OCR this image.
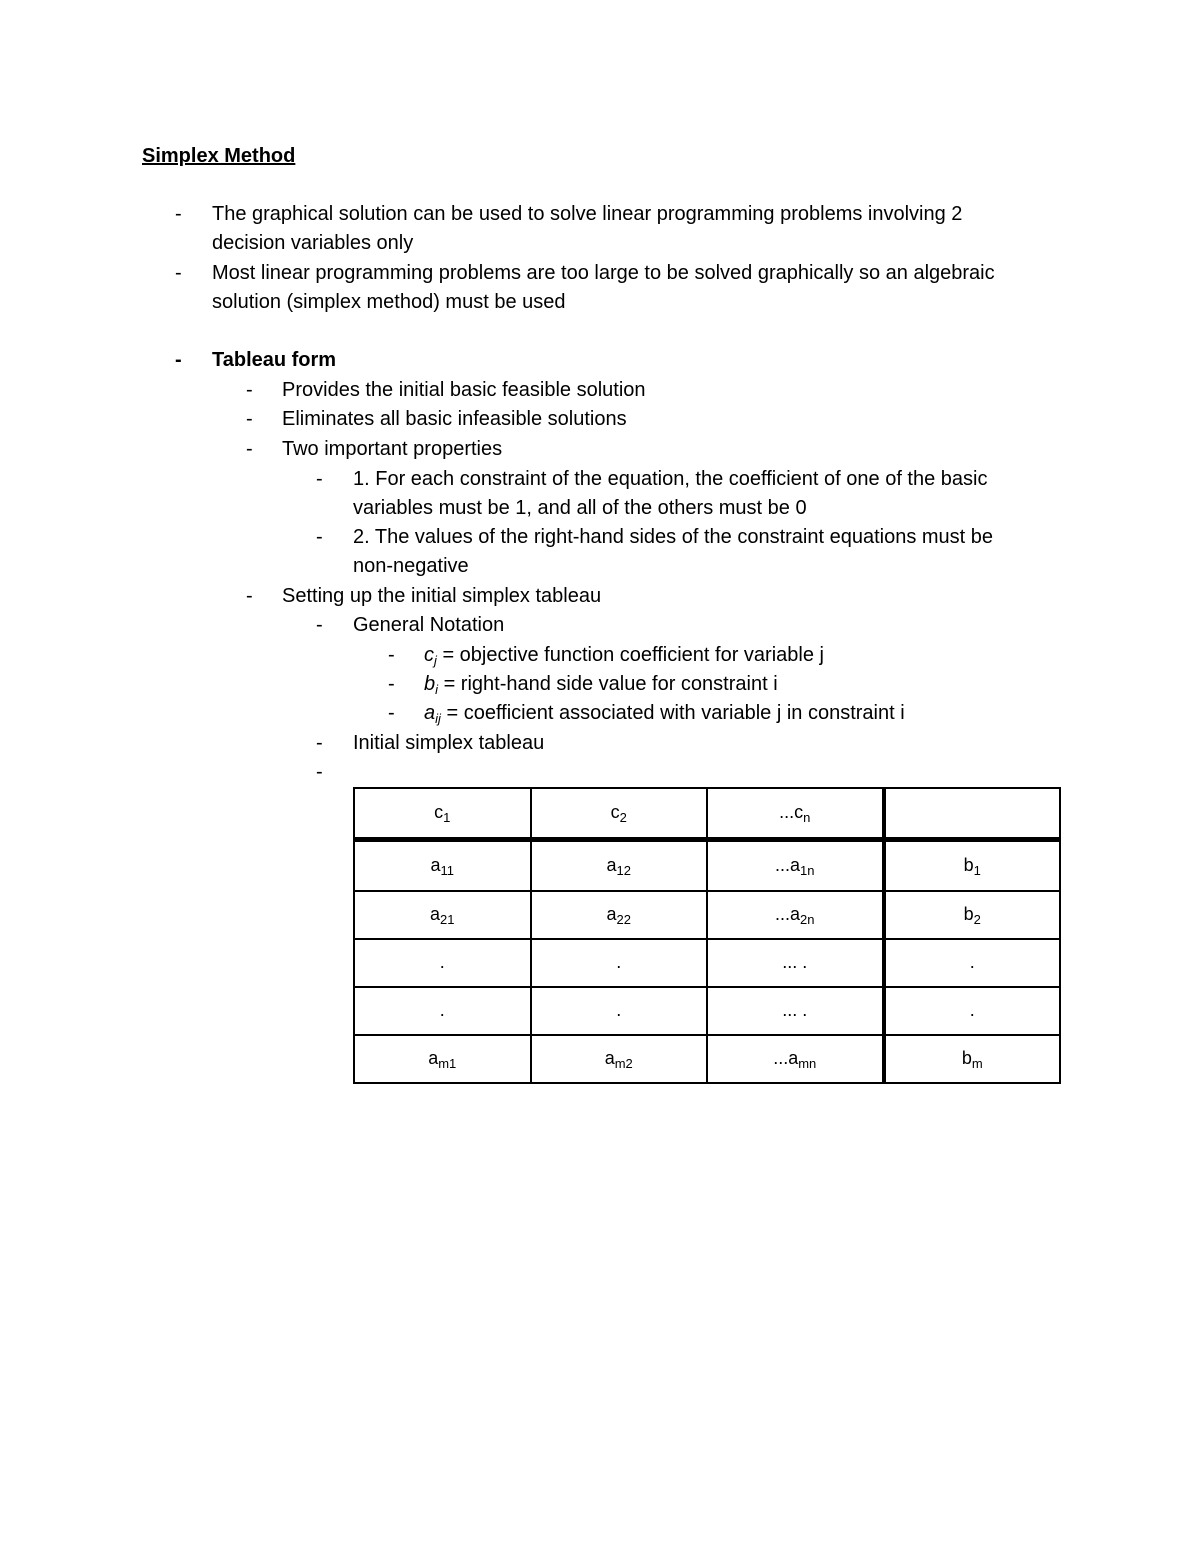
Simplex Method
- The graphical solution can be used to solve linear programming problems involving 2
decision variables only
- Most linear programming problems are too large to be solved graphically so an algebraic
solution (simplex method) must be used
- Tableau form
- Provides the initial basic feasible solution
- Eliminates all basic infeasible solutions
- Two important properties
- 1. For each constraint of the equation, the coefficient of one of the basic
variables must be 1, and all of the others must be 0
- 2. The values of the right-hand sides of the constraint equations must be
non-negative
- Setting up the initial simplex tableau
- General Notation
- $c_j$ = objective function coefficient for variable j
- $b_i$ = right-hand side value for constraint i
- $a_{ij}$ = coefficient associated with variable j in constraint i
- Initial simplex tableau
-
$c_1$	$c_2$	$...c_n$	
$a_{11}$	$a_{12}$	$...a_{1n}$	$b_1$
$a_{21}$	$a_{22}$	$...a_{2n}$	$b_2$
.	.	... .	.
.	.	... .	.
$a_{m1}$	$a_{m2}$	$...a_{mn}$	$b_m$
